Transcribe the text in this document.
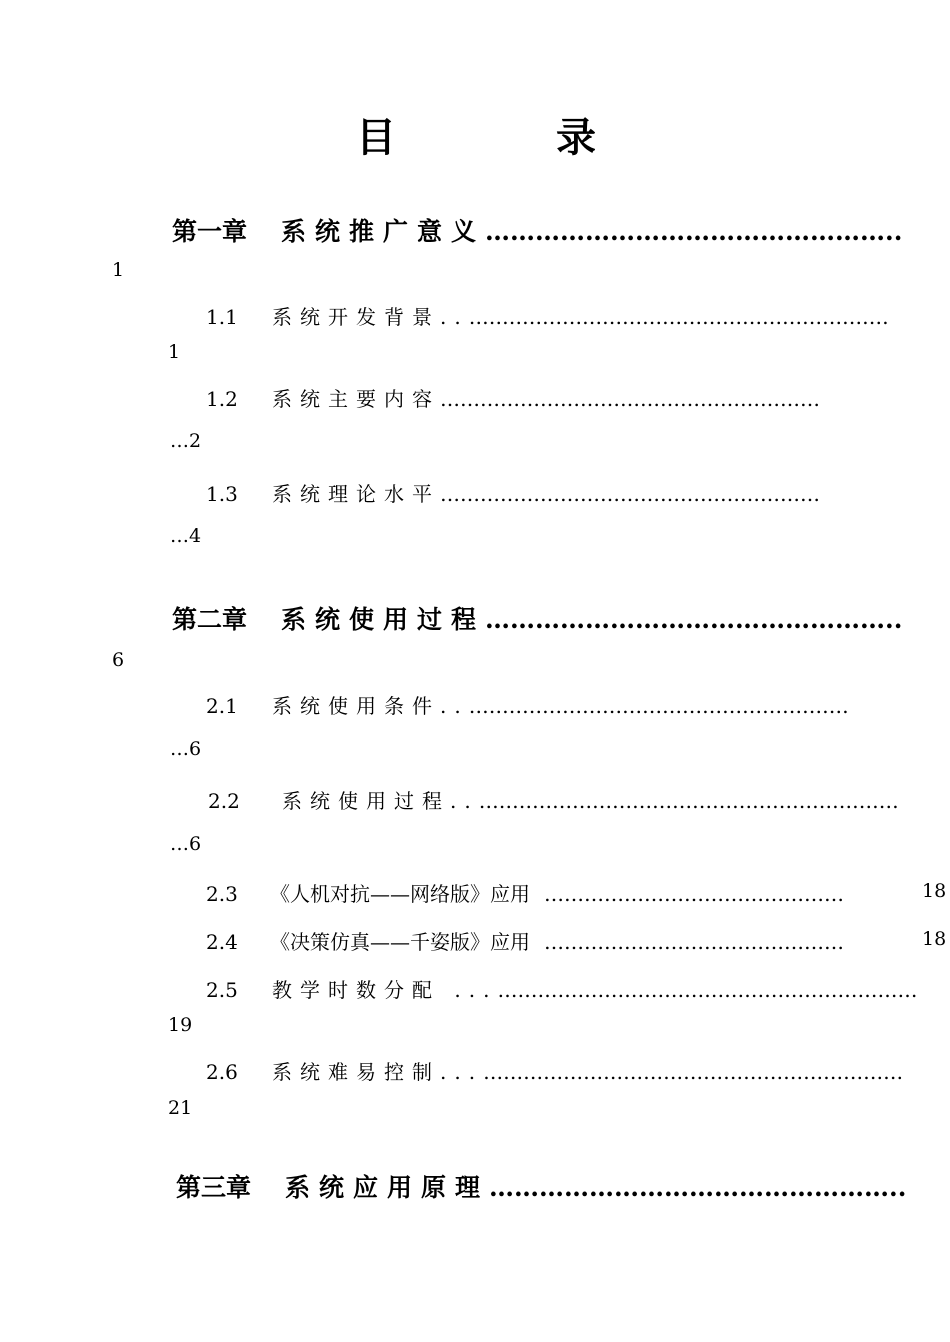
目	录
第一章 系统推广意义…………………………………………..
1
1.1 系统开发背景..………………………………………………………
1
1.2 系统主要内容…………………………………………………
…2
1.3 系统理论水平…………………………………………………
…4
第二章 系统使用过程…………………………………………..
6
2.1 系统使用条件..…………………………………………………
…6
2.2 系统使用过程..………………………………………………………
…6
2.3 《人机对抗——网络版》应用 ………………………………………	18
2.4 《决策仿真——千姿版》应用 ………………………………………	18
2.5 教学时数分配 ...………………………………………………………
19
2.6 系统难易控制...………………………………………………………
21
第三章 系统应用原理…………………………………………..
